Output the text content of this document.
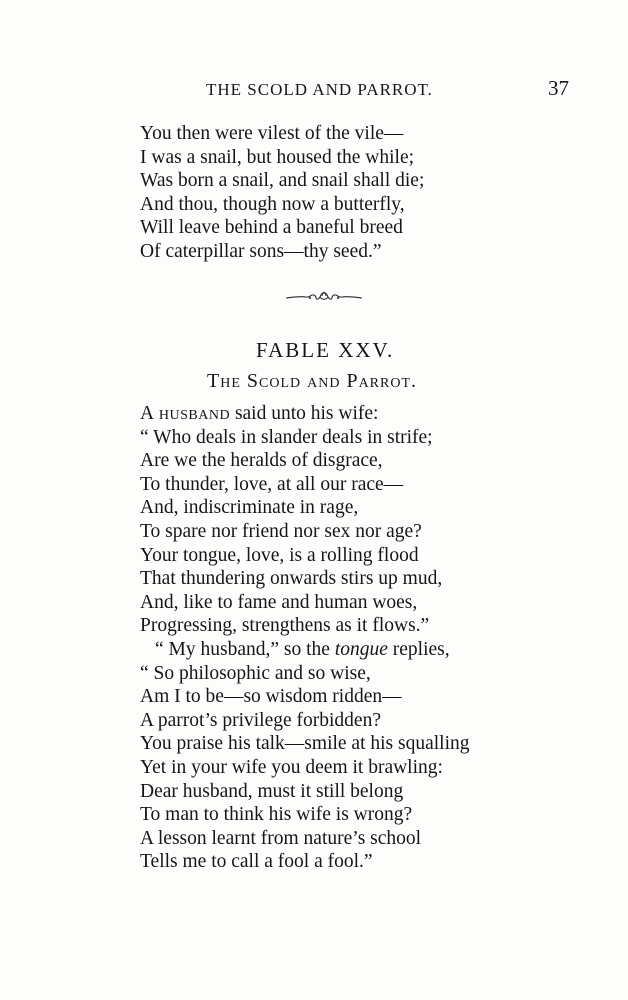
THE SCOLD AND PARROT.	37
You then were vilest of the vile—
I was a snail, but housed the while;
Was born a snail, and snail shall die;
And thou, though now a butterfly,
Will leave behind a baneful breed
Of caterpillar sons—thy seed.”
FABLE XXV.
The Scold and Parrot.
A husband said unto his wife:
“ Who deals in slander deals in strife;
Are we the heralds of disgrace,
To thunder, love, at all our race—
And, indiscriminate in rage,
To spare nor friend nor sex nor age?
Your tongue, love, is a rolling flood
That thundering onwards stirs up mud,
And, like to fame and human woes,
Progressing, strengthens as it flows.”
“ My husband,” so the tongue replies,
“ So philosophic and so wise,
Am I to be—so wisdom ridden—
A parrot’s privilege forbidden?
You praise his talk—smile at his squalling
Yet in your wife you deem it brawling:
Dear husband, must it still belong
To man to think his wife is wrong?
A lesson learnt from nature’s school
Tells me to call a fool a fool.”
